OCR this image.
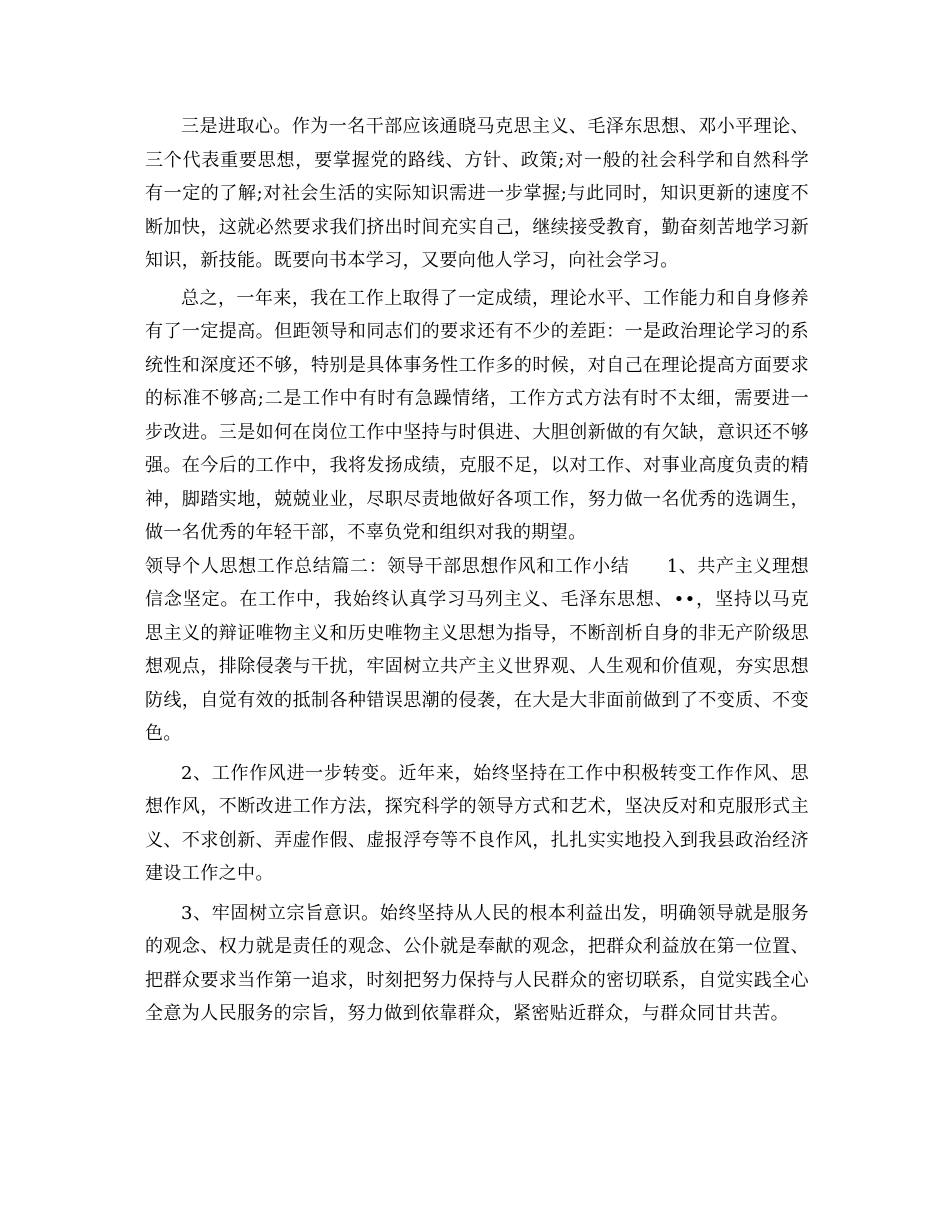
三是进取心。作为一名干部应该通晓马克思主义、毛泽东思想、邓小平理论、三个代表重要思想，要掌握党的路线、方针、政策;对一般的社会科学和自然科学有一定的了解;对社会生活的实际知识需进一步掌握;与此同时，知识更新的速度不断加快，这就必然要求我们挤出时间充实自己，继续接受教育，勤奋刻苦地学习新知识，新技能。既要向书本学习，又要向他人学习，向社会学习。

总之，一年来，我在工作上取得了一定成绩，理论水平、工作能力和自身修养有了一定提高。但距领导和同志们的要求还有不少的差距：一是政治理论学习的系统性和深度还不够，特别是具体事务性工作多的时候，对自己在理论提高方面要求的标准不够高;二是工作中有时有急躁情绪，工作方式方法有时不太细，需要进一步改进。三是如何在岗位工作中坚持与时俱进、大胆创新做的有欠缺，意识还不够强。在今后的工作中，我将发扬成绩，克服不足，以对工作、对事业高度负责的精神，脚踏实地，兢兢业业，尽职尽责地做好各项工作，努力做一名优秀的选调生，做一名优秀的年轻干部，不辜负党和组织对我的期望。

领导个人思想工作总结篇二：领导干部思想作风和工作小结　　1、共产主义理想信念坚定。在工作中，我始终认真学习马列主义、毛泽东思想、••，坚持以马克思主义的辩证唯物主义和历史唯物主义思想为指导，不断剖析自身的非无产阶级思想观点，排除侵袭与干扰，牢固树立共产主义世界观、人生观和价值观，夯实思想防线，自觉有效的抵制各种错误思潮的侵袭，在大是大非面前做到了不变质、不变色。

2、工作作风进一步转变。近年来，始终坚持在工作中积极转变工作作风、思想作风，不断改进工作方法，探究科学的领导方式和艺术，坚决反对和克服形式主义、不求创新、弄虚作假、虚报浮夸等不良作风，扎扎实实地投入到我县政治经济建设工作之中。

3、牢固树立宗旨意识。始终坚持从人民的根本利益出发，明确领导就是服务的观念、权力就是责任的观念、公仆就是奉献的观念，把群众利益放在第一位置、把群众要求当作第一追求，时刻把努力保持与人民群众的密切联系，自觉实践全心全意为人民服务的宗旨，努力做到依靠群众，紧密贴近群众，与群众同甘共苦。
